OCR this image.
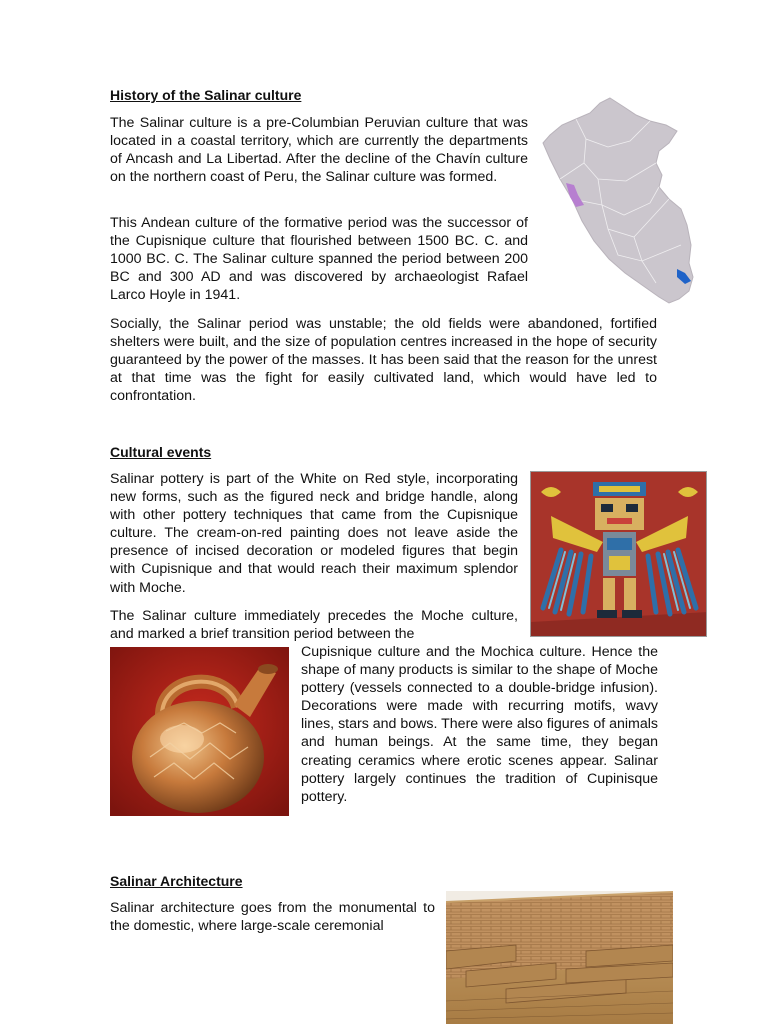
History of the Salinar culture

The Salinar culture is a pre-Columbian Peruvian culture that was located in a coastal territory, which are currently the departments of Ancash and La Libertad. After the decline of the Chavín culture on the northern coast of Peru, the Salinar culture was formed.

This Andean culture of the formative period was the successor of the Cupisnique culture that flourished between 1500 BC. C. and 1000 BC. C. The Salinar culture spanned the period between 200 BC and 300 AD and was discovered by archaeologist Rafael Larco Hoyle in 1941.

Socially, the Salinar period was unstable; the old fields were abandoned, fortified shelters were built, and the size of population centres increased in the hope of security guaranteed by the power of the masses. It has been said that the reason for the unrest at that time was the fight for easily cultivated land, which would have led to confrontation.

Cultural events

Salinar pottery is part of the White on Red style, incorporating new forms, such as the figured neck and bridge handle, along with other pottery techniques that came from the Cupisnique culture. The cream-on-red painting does not leave aside the presence of incised decoration or modeled figures that begin with Cupisnique and that would reach their maximum splendor with Moche.

The Salinar culture immediately precedes the Moche culture, and marked a brief transition period between the

Cupisnique culture and the Mochica culture. Hence the shape of many products is similar to the shape of Moche pottery (vessels connected to a double-bridge infusion). Decorations were made with recurring motifs, wavy lines, stars and bows. There were also figures of animals and human beings. At the same time, they began creating ceramics where erotic scenes appear. Salinar pottery largely continues the tradition of Cupinisque pottery.

Salinar Architecture

Salinar architecture goes from the monumental to the domestic, where large-scale ceremonial
